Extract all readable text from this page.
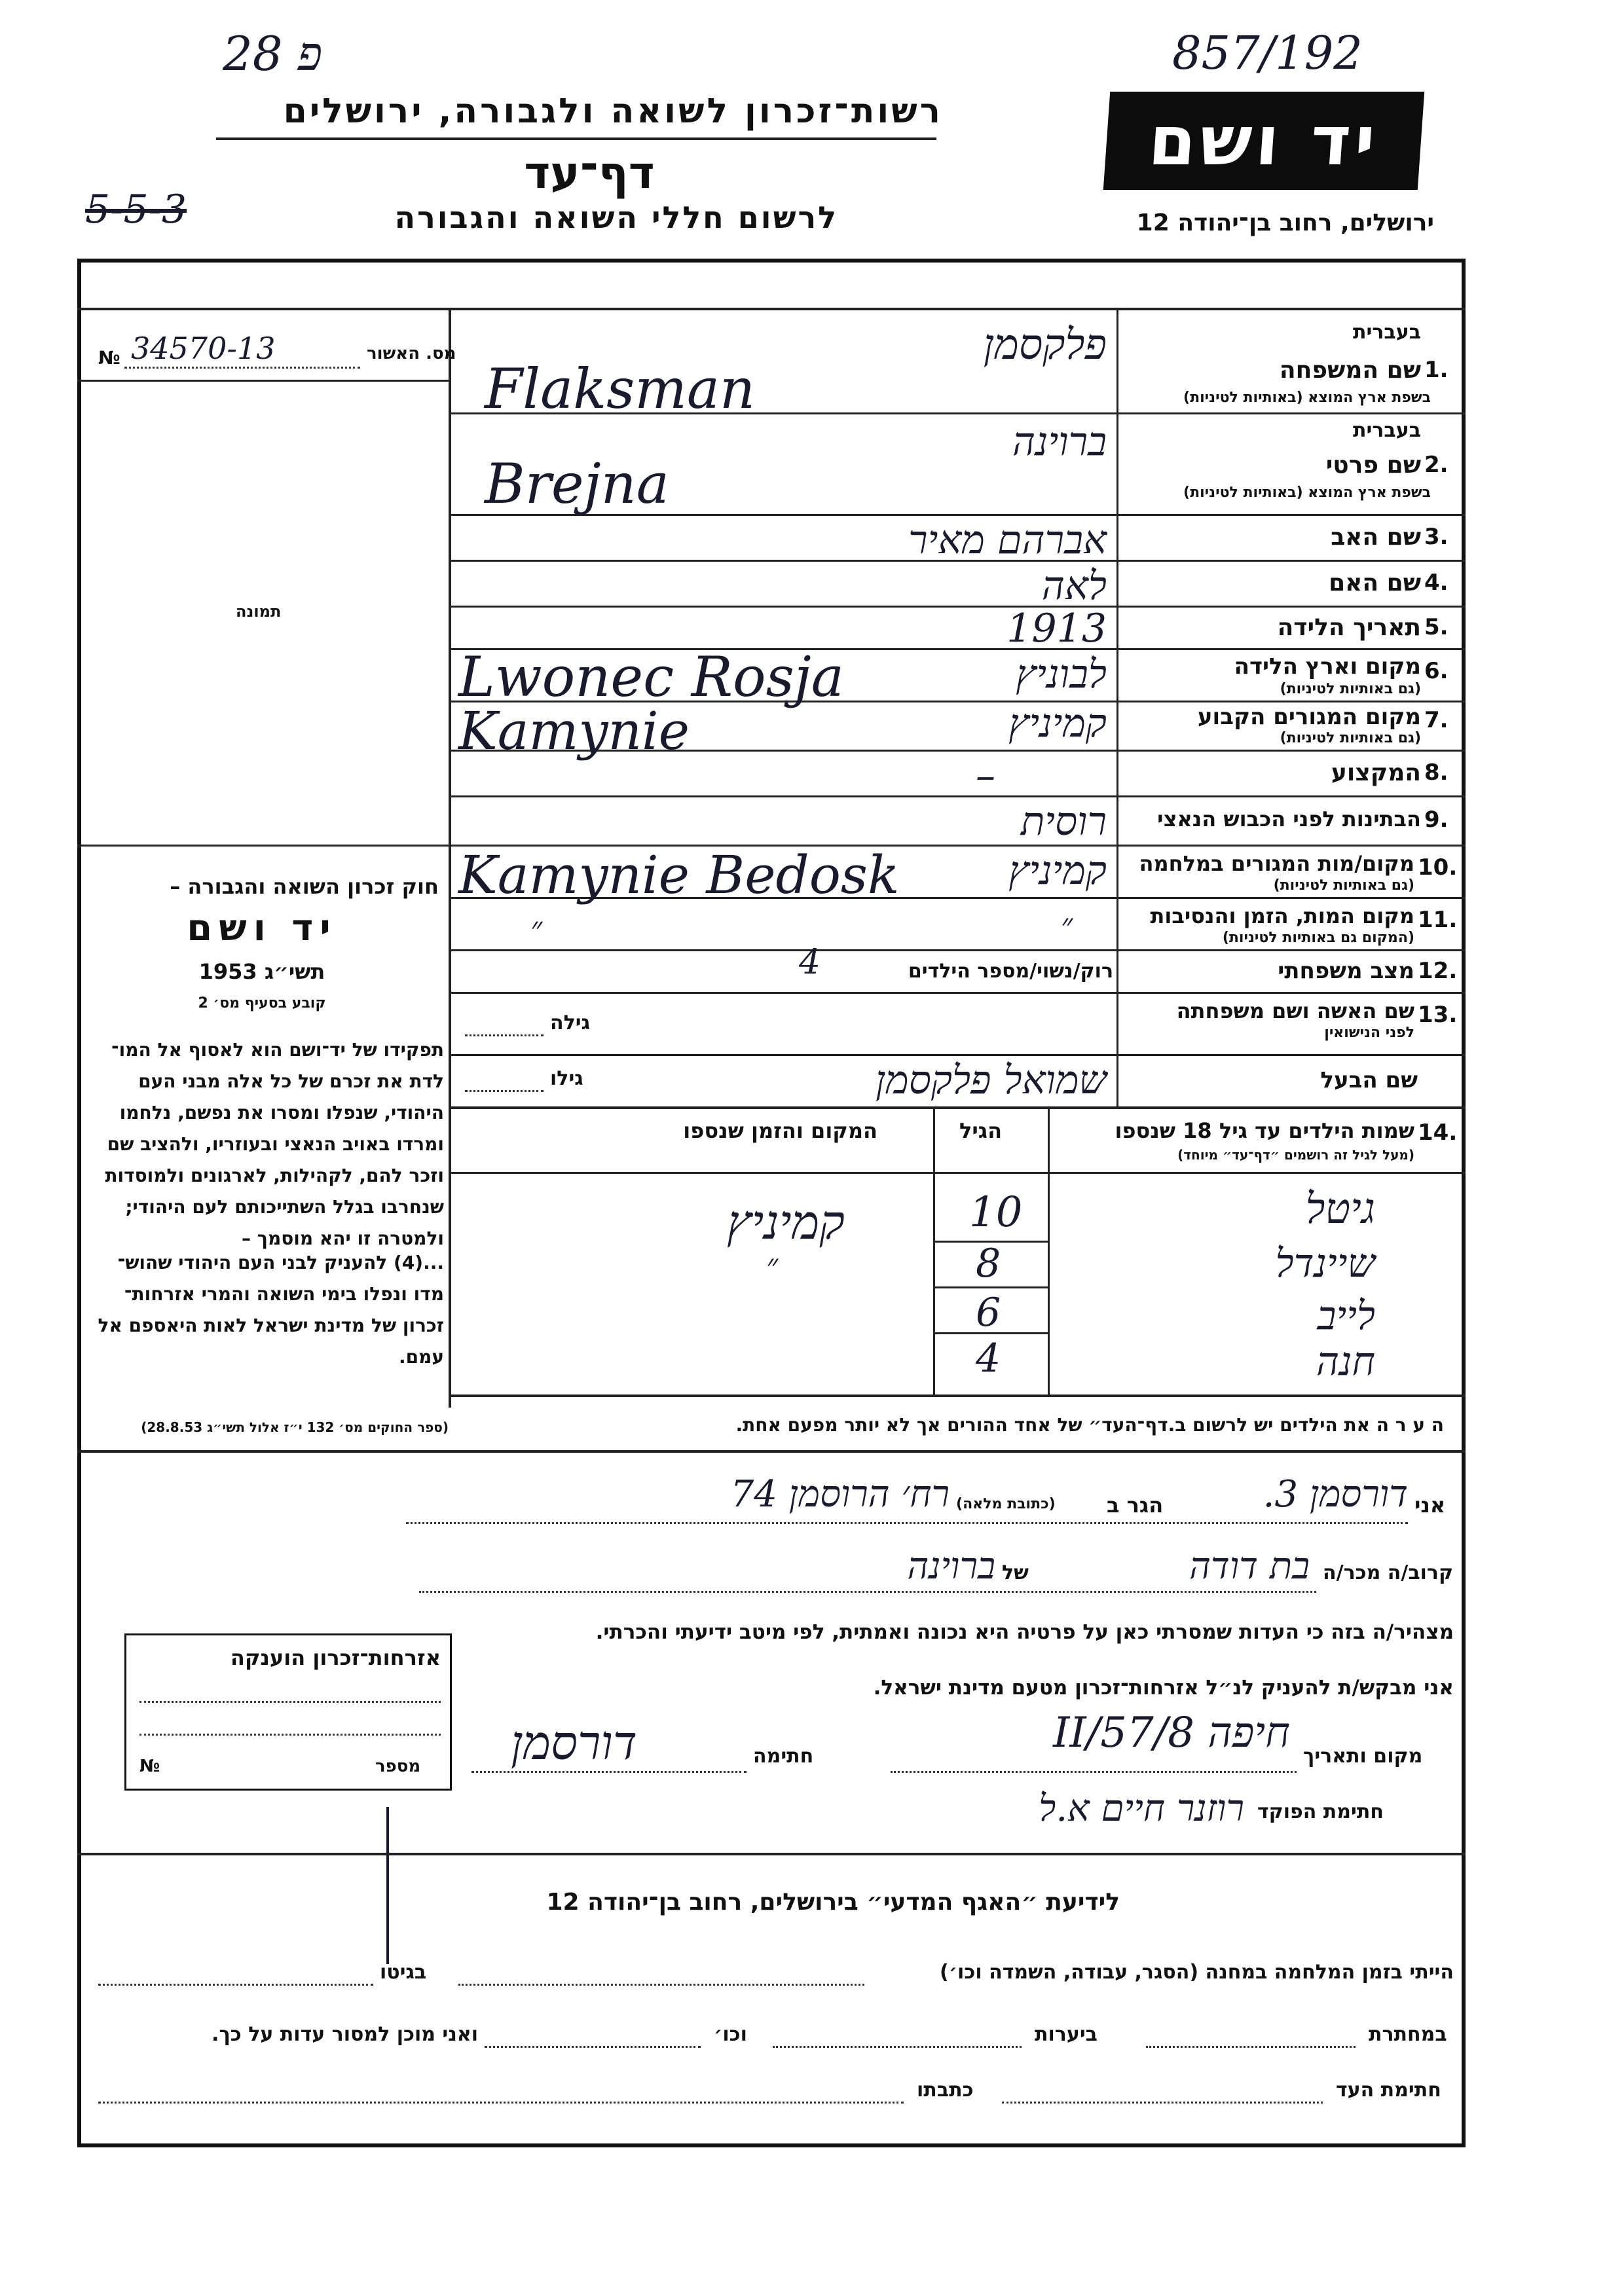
פ 28	857/192
רשות־זכרון לשואה ולגבורה, ירושלים
דף־עד
5-5-3	לרשום חללי השואה והגבורה
יד ושם
ירושלים, רחוב בן־יהודה 12
מס. האשור
№ 34570-13
תמונה
חוק זכרון השואה והגבורה –
יד ושם
תשי״ג 1953
קובע בסעיף מס׳ 2
תפקידו של יד־ושם הוא לאסוף אל המו־ לדת את זכרם של כל אלה מבני העם היהודי, שנפלו ומסרו את נפשם, נלחמו ומרדו באויב הנאצי ובעוזריו, ולהציב שם וזכר להם, לקהילות, לארגונים ולמוסדות שנחרבו בגלל השתייכותם לעם היהודי; ולמטרה זו יהא מוסמך –
...(4) להעניק לבני העם היהודי שהוש־ מדו ונפלו בימי השואה והמרי אזרחות־ זכרון של מדינת ישראל לאות היאספם אל עמם.
(ספר החוקים מס׳ 132 י״ז אלול תשי״ג 28.8.53)
1.
בעברית
שם המשפחה
בשפת ארץ המוצא (באותיות לטיניות)
פלקסמן
Flaksman
2.
בעברית
שם פרטי
בשפת ארץ המוצא (באותיות לטיניות)
ברוינה
Brejna
3.
שם האב
אברהם מאיר
4.
שם האם
לאה
5.
תאריך הלידה
1913
6.
מקום וארץ הלידה
(גם באותיות לטיניות)
לבוניץ
Lwonec Rosja
7.
מקום המגורים הקבוע
(גם באותיות לטיניות)
קמיניץ
Kamynie
8.
המקצוע
–
9.
הבתינות לפני הכבוש הנאצי
רוסית
10.
מקום/מות המגורים במלחמה
(גם באותיות לטיניות)
קמיניץ
Kamynie Bedosk
11.
מקום המות, הזמן והנסיבות
(המקום גם באותיות לטיניות)
״
״
12.
מצב משפחתי
רוק/נשוי/מספר הילדים
4
13.
שם האשה ושם משפחתה
לפני הנישואין
גילה
שם הבעל
שמואל פלקסמן
גילו
14.
שמות הילדים עד גיל 18 שנספו
(מעל לגיל זה רושמים ״דף־עד״ מיוחד)
הגיל
המקום והזמן שנספו
גיטל
10
שיינדל
8
לייב
6
חנה
4
קמיניץ
״
ה ע ר ה את הילדים יש לרשום ב.דף־העד״ של אחד ההורים אך לא יותר מפעם אחת.
אני
דורסמן 3.
הגר ב
(כתובת מלאה)
רח׳ הרוסמן 74
קרוב/ה מכר/ה
בת דודה
של
ברוינה
מצהיר/ה בזה כי העדות שמסרתי כאן על פרטיה היא נכונה ואמתית, לפי מיטב ידיעתי והכרתי.
אני מבקש/ת להעניק לנ״ל אזרחות־זכרון מטעם מדינת ישראל.
מקום ותאריך
חיפה 8/II/57
חתימה
דורסמן
חתימת הפוקד
רוזנר חיים א.ל
אזרחות־זכרון הוענקה
מספר
№
לידיעת ״האגף המדעי״ בירושלים, רחוב בן־יהודה 12
הייתי בזמן המלחמה במחנה (הסגר, עבודה, השמדה וכו׳)
בגיטו
במחתרת
ביערות
וכו׳
ואני מוכן למסור עדות על כך.
חתימת העד
כתבתו
